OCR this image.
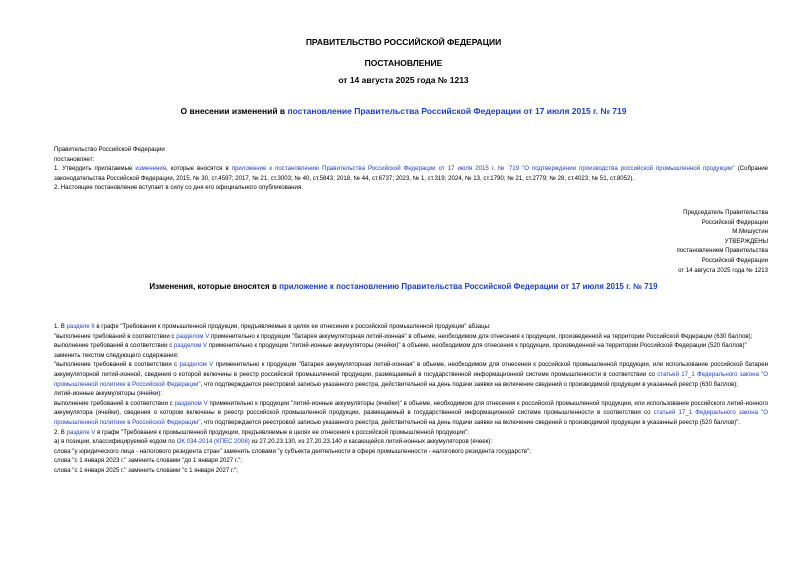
ПРАВИТЕЛЬСТВО РОССИЙСКОЙ ФЕДЕРАЦИИ
ПОСТАНОВЛЕНИЕ
от 14 августа 2025 года № 1213
О внесении изменений в постановление Правительства Российской Федерации от 17 июля 2015 г. № 719
Правительство Российской Федерации
постановляет:
1. Утвердить прилагаемые изменения, которые вносятся в приложение к постановлению Правительства Российской Федерации от 17 июля 2015 г. № 719 "О подтверждении производства российской промышленной продукции" (Собрание законодательства Российской Федерации, 2015, № 30, ст.4597; 2017, № 21, ст.3003; № 40, ст.5843; 2018, № 44, ст.6737; 2023, № 1, ст.319; 2024, № 13, ст.1790; № 21, ст.2779; № 28, ст.4023; № 51, ст.8052).
2. Настоящее постановление вступает в силу со дня его официального опубликования.
Председатель Правительства
Российской Федерации
М.Мишустин
УТВЕРЖДЕНЫ
постановлением Правительства
Российской Федерации
от 14 августа 2025 года № 1213
Изменения, которые вносятся в приложение к постановлению Правительства Российской Федерации от 17 июля 2015 г. № 719
1. В разделе II в графе "Требования к промышленной продукции, предъявляемые в целях ее отнесения к российской промышленной продукции" абзацы:
"выполнение требований в соответствии с разделом V применительно к продукции "батарея аккумуляторная литий-ионная" в объеме, необходимом для отнесения к продукции, произведенной на территории Российской Федерации (630 баллов);
выполнение требований в соответствии с разделом V применительно к продукции "литий-ионные аккумуляторы (ячейки)" в объеме, необходимом для отнесения к продукции, произведенной на территории Российской Федерации (520 баллов)"
заменить текстом следующего содержания:
"выполнение требований в соответствии с разделом V применительно к продукции "батарея аккумуляторная литий-ионная" в объеме, необходимом для отнесения к российской промышленной продукции, или использование российской батареи аккумуляторной литий-ионной, сведения о которой включены в реестр российской промышленной продукции, размещаемый в государственной информационной системе промышленности в соответствии со статьей 17_1 Федерального закона "О промышленной политике в Российской Федерации", что подтверждается реестровой записью указанного реестра, действительной на день подачи заявки на включение сведений о производимой продукции в указанный реестр (630 баллов);
литий-ионные аккумуляторы (ячейки):
выполнение требований в соответствии с разделом V применительно к продукции "литий-ионные аккумуляторы (ячейки)" в объеме, необходимом для отнесения к российской промышленной продукции, или использование российского литий-ионного аккумулятора (ячейки), сведения о котором включены в реестр российской промышленной продукции, размещаемый в государственной информационной системе промышленности в соответствии со статьей 17_1 Федерального закона "О промышленной политике в Российской Федерации", что подтверждается реестровой записью указанного реестра, действительной на день подачи заявки на включение сведений о производимой продукции в указанный реестр (520 баллов)".
2. В разделе V в графе "Требования к промышленной продукции, предъявляемые в целях ее отнесения к российской промышленной продукции":
а) в позиции, классифицируемой кодом по ОК 034-2014 (КПЕС 2008) из 27.20.23.130, из 27.20.23.140 и касающейся литий-ионных аккумуляторов (ячеек):
слова "у юридического лица - налогового резидента стран" заменить словами "у субъекта деятельности в сфере промышленности - налогового резидента государств";
слова "с 1 января 2023 г." заменить словами "до 1 января 2027 г.";
слова "с 1 января 2025 г." заменить словами "с 1 января 2027 г.";
